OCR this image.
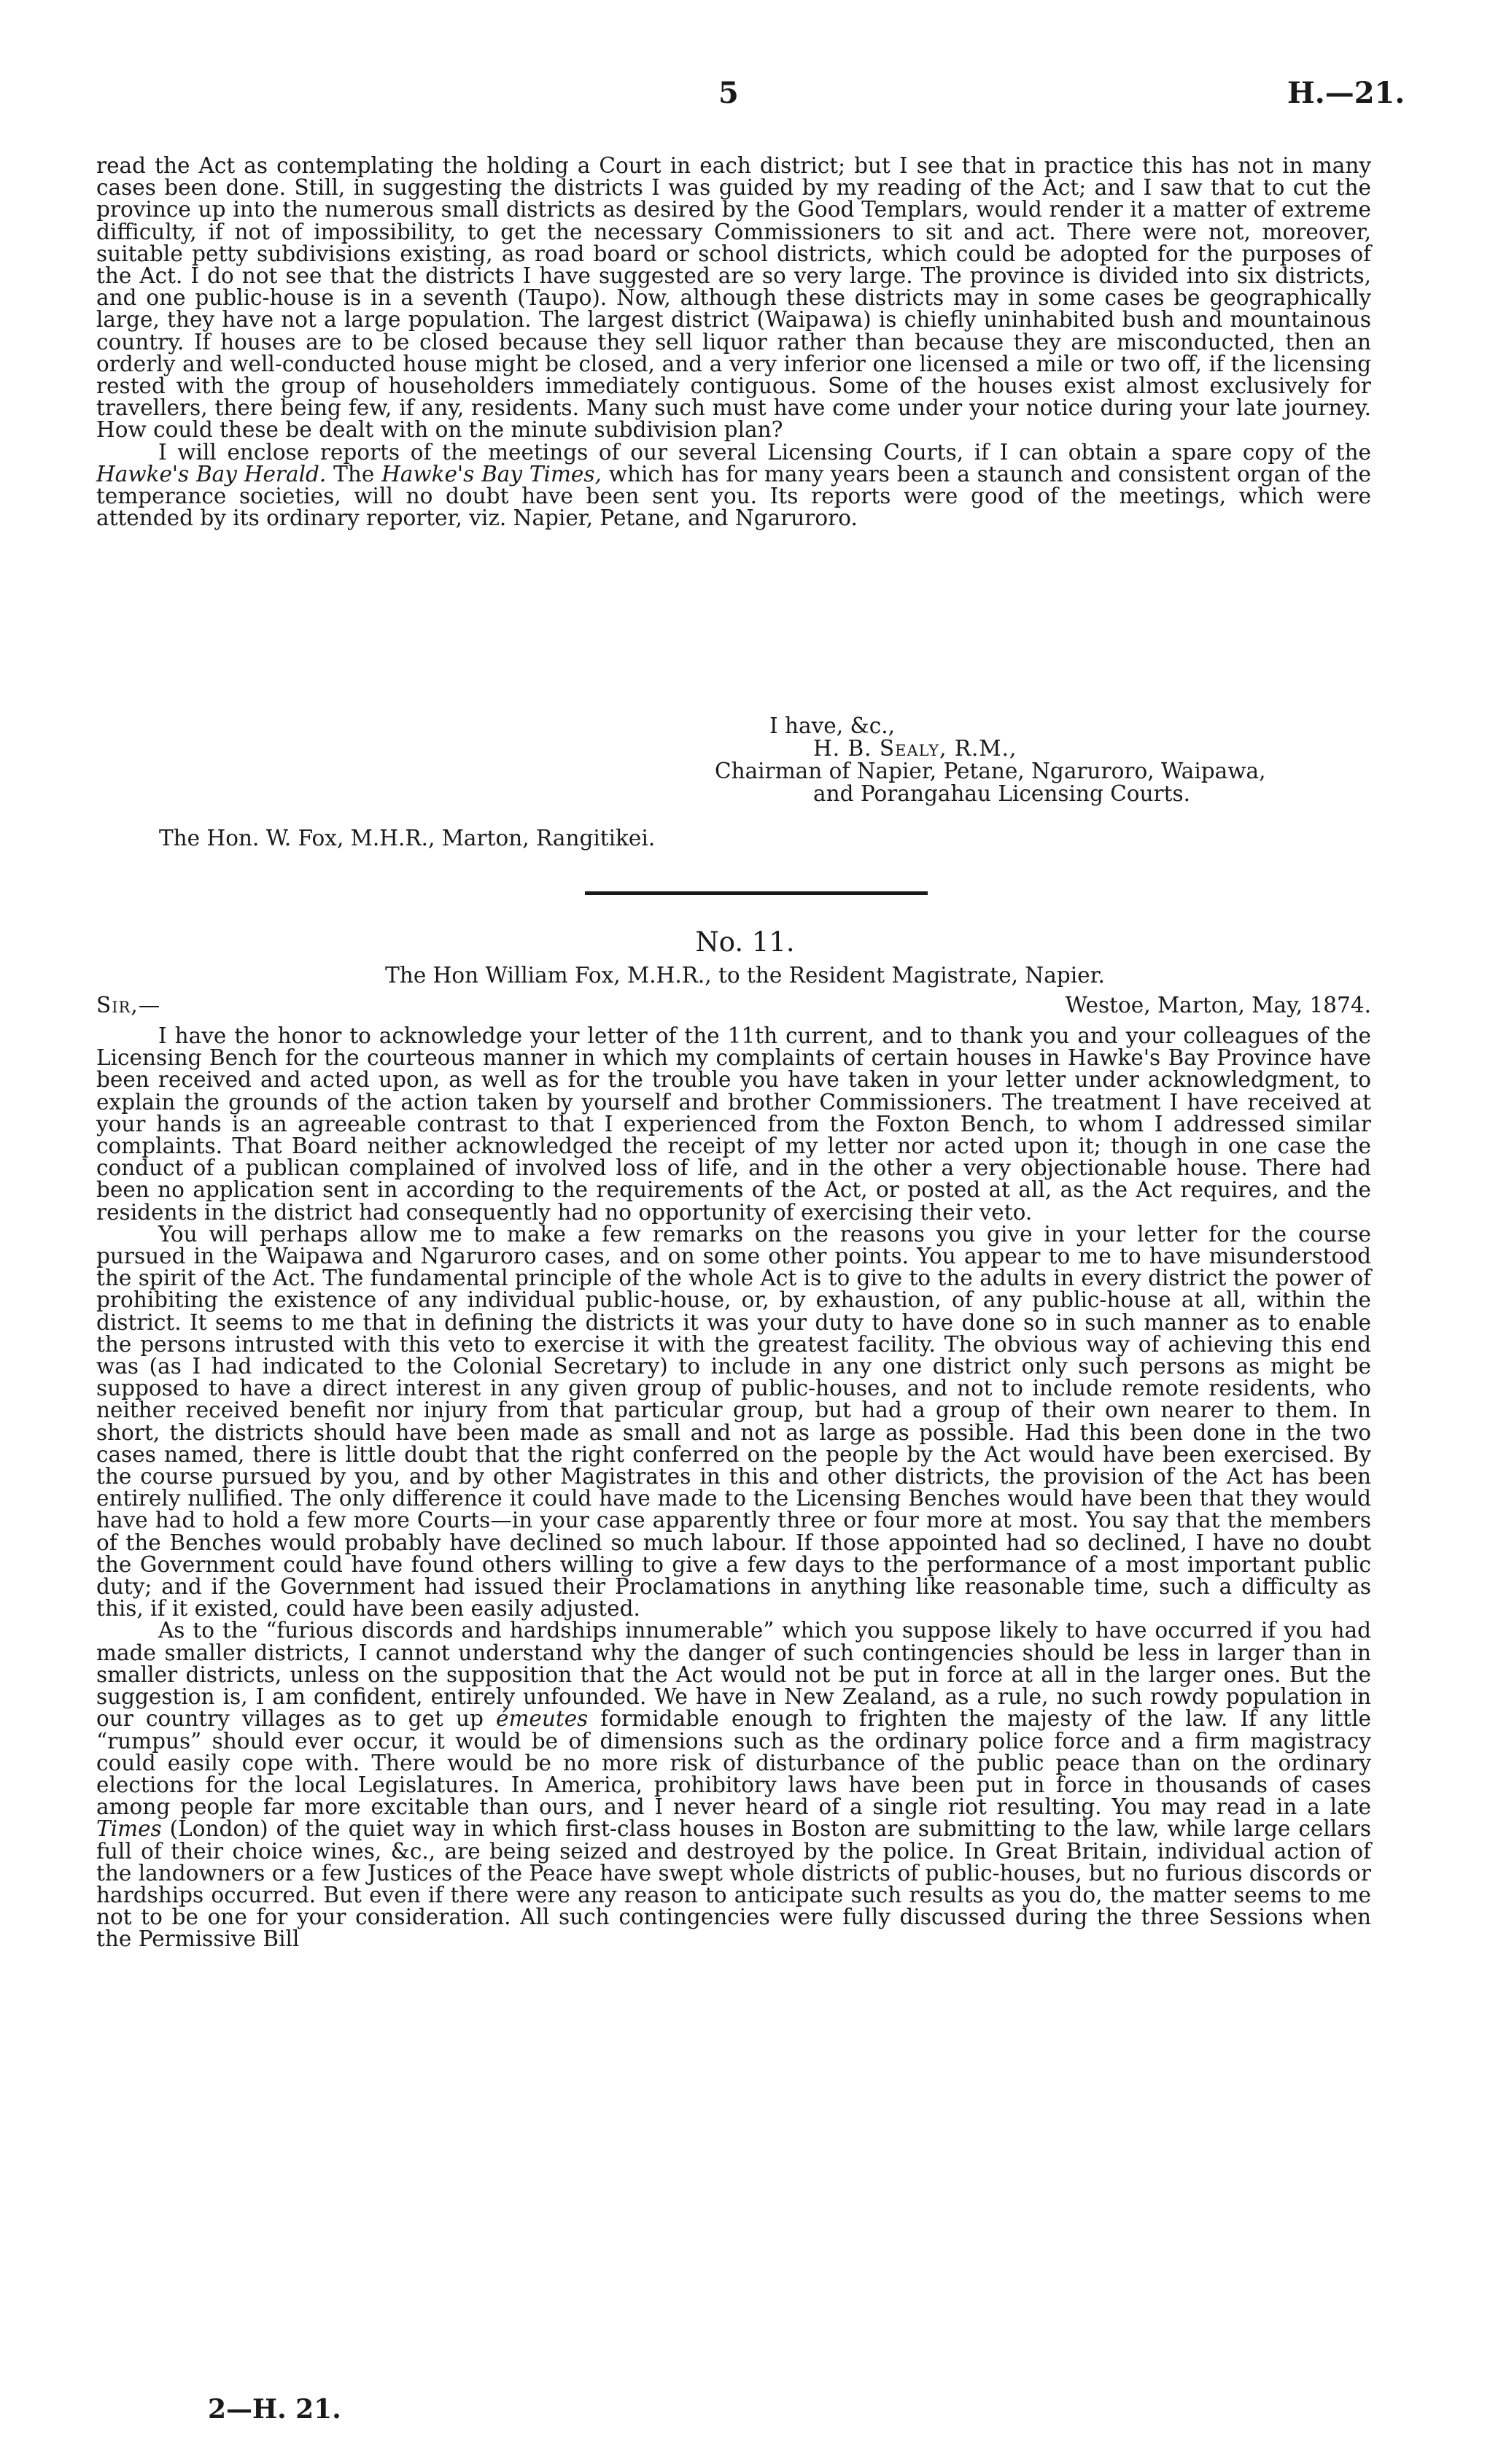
5	H.—21.

read the Act as contemplating the holding a Court in each district; but I see that in practice this has not in many cases been done. Still, in suggesting the districts I was guided by my reading of the Act; and I saw that to cut the province up into the numerous small districts as desired by the Good Templars, would render it a matter of extreme difficulty, if not of impossibility, to get the necessary Commissioners to sit and act. There were not, moreover, suitable petty subdivisions existing, as road board or school districts, which could be adopted for the purposes of the Act. I do not see that the districts I have suggested are so very large. The province is divided into six districts, and one public-house is in a seventh (Taupo). Now, although these districts may in some cases be geographically large, they have not a large population. The largest district (Waipawa) is chiefly uninhabited bush and mountainous country. If houses are to be closed because they sell liquor rather than because they are misconducted, then an orderly and well-conducted house might be closed, and a very inferior one licensed a mile or two off, if the licensing rested with the group of householders immediately contiguous. Some of the houses exist almost exclusively for travellers, there being few, if any, residents. Many such must have come under your notice during your late journey. How could these be dealt with on the minute subdivision plan?

I will enclose reports of the meetings of our several Licensing Courts, if I can obtain a spare copy of the Hawke's Bay Herald. The Hawke's Bay Times, which has for many years been a staunch and consistent organ of the temperance societies, will no doubt have been sent you. Its reports were good of the meetings, which were attended by its ordinary reporter, viz. Napier, Petane, and Ngaruroro.

I have, &c.,
H. B. Sealy, R.M.,
Chairman of Napier, Petane, Ngaruroro, Waipawa,
and Porangahau Licensing Courts.
The Hon. W. Fox, M.H.R., Marton, Rangitikei.
No. 11.
The Hon William Fox, M.H.R., to the Resident Magistrate, Napier.
Sir,—	Westoe, Marton, May, 1874.

I have the honor to acknowledge your letter of the 11th current, and to thank you and your colleagues of the Licensing Bench for the courteous manner in which my complaints of certain houses in Hawke's Bay Province have been received and acted upon, as well as for the trouble you have taken in your letter under acknowledgment, to explain the grounds of the action taken by yourself and brother Commissioners. The treatment I have received at your hands is an agreeable contrast to that I experienced from the Foxton Bench, to whom I addressed similar complaints. That Board neither acknowledged the receipt of my letter nor acted upon it; though in one case the conduct of a publican complained of involved loss of life, and in the other a very objectionable house. There had been no application sent in according to the requirements of the Act, or posted at all, as the Act requires, and the residents in the district had consequently had no opportunity of exercising their veto.

You will perhaps allow me to make a few remarks on the reasons you give in your letter for the course pursued in the Waipawa and Ngaruroro cases, and on some other points. You appear to me to have misunderstood the spirit of the Act. The fundamental principle of the whole Act is to give to the adults in every district the power of prohibiting the existence of any individual public-house, or, by exhaustion, of any public-house at all, within the district. It seems to me that in defining the districts it was your duty to have done so in such manner as to enable the persons intrusted with this veto to exercise it with the greatest facility. The obvious way of achieving this end was (as I had indicated to the Colonial Secretary) to include in any one district only such persons as might be supposed to have a direct interest in any given group of public-houses, and not to include remote residents, who neither received benefit nor injury from that particular group, but had a group of their own nearer to them. In short, the districts should have been made as small and not as large as possible. Had this been done in the two cases named, there is little doubt that the right conferred on the people by the Act would have been exercised. By the course pursued by you, and by other Magistrates in this and other districts, the provision of the Act has been entirely nullified. The only difference it could have made to the Licensing Benches would have been that they would have had to hold a few more Courts—in your case apparently three or four more at most. You say that the members of the Benches would probably have declined so much labour. If those appointed had so declined, I have no doubt the Government could have found others willing to give a few days to the performance of a most important public duty; and if the Government had issued their Proclamations in anything like reasonable time, such a difficulty as this, if it existed, could have been easily adjusted.

As to the “furious discords and hardships innumerable” which you suppose likely to have occurred if you had made smaller districts, I cannot understand why the danger of such contingencies should be less in larger than in smaller districts, unless on the supposition that the Act would not be put in force at all in the larger ones. But the suggestion is, I am confident, entirely unfounded. We have in New Zealand, as a rule, no such rowdy population in our country villages as to get up émeutes formidable enough to frighten the majesty of the law. If any little “rumpus” should ever occur, it would be of dimensions such as the ordinary police force and a firm magistracy could easily cope with. There would be no more risk of disturbance of the public peace than on the ordinary elections for the local Legislatures. In America, prohibitory laws have been put in force in thousands of cases among people far more excitable than ours, and I never heard of a single riot resulting. You may read in a late Times (London) of the quiet way in which first-class houses in Boston are submitting to the law, while large cellars full of their choice wines, &c., are being seized and destroyed by the police. In Great Britain, individual action of the landowners or a few Justices of the Peace have swept whole districts of public-houses, but no furious discords or hardships occurred. But even if there were any reason to anticipate such results as you do, the matter seems to me not to be one for your consideration. All such contingencies were fully discussed during the three Sessions when the Permissive Bill

2—H. 21.
